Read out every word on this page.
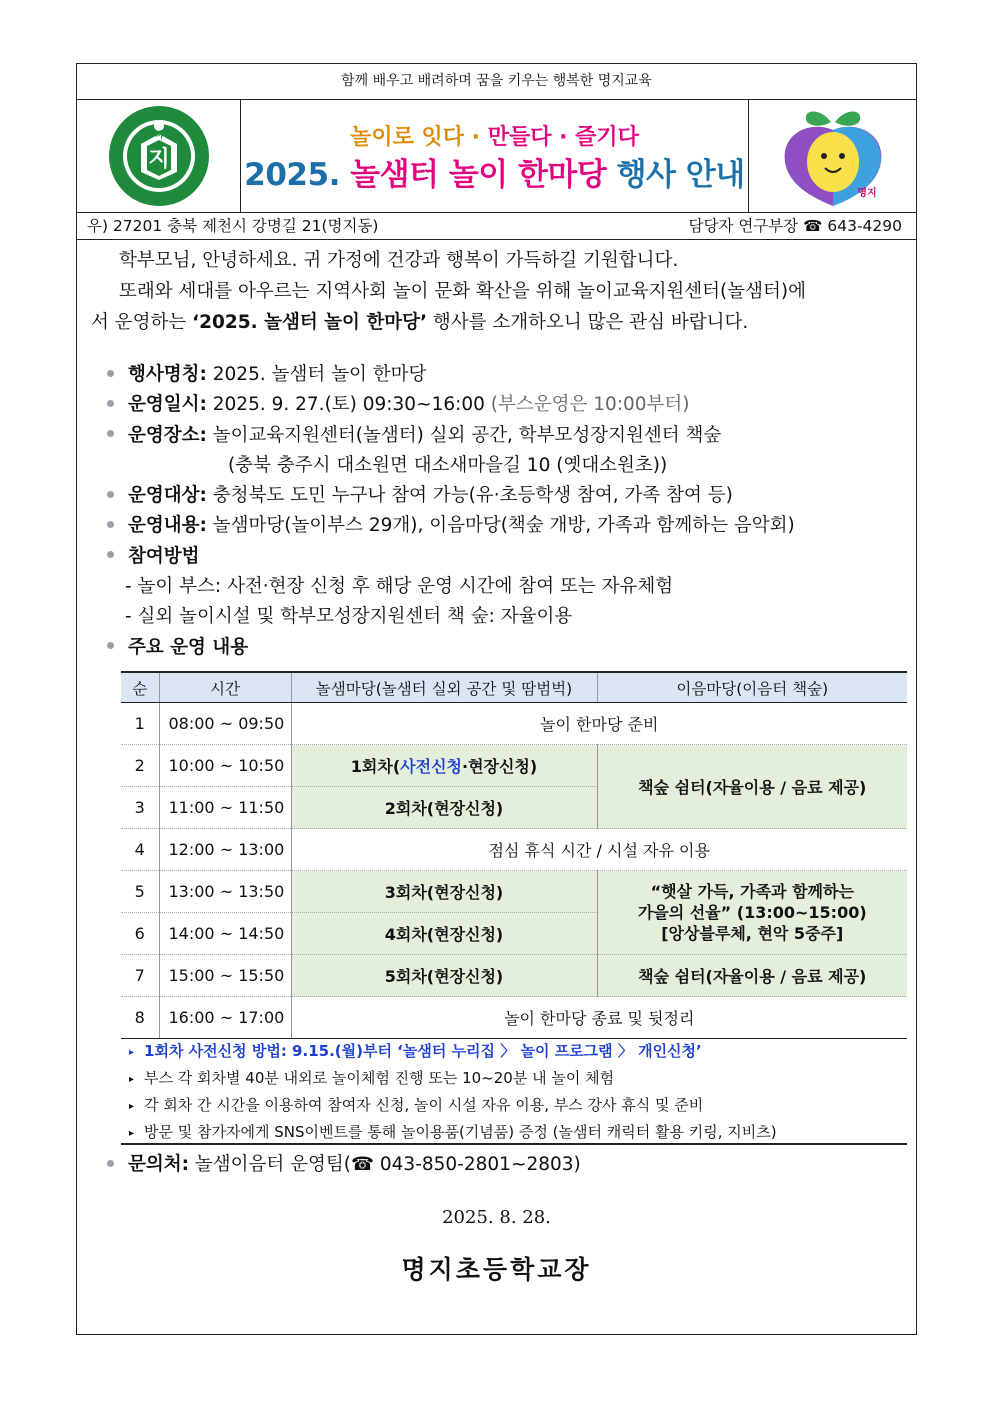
함께 배우고 배려하며 꿈을 키우는 행복한 명지교육
지
머	놀이로 잇다 · 만들다 · 즐기다
2025. 놀샘터 놀이 한마당 행사 안내
명지
우) 27201 충북 제천시 강명길 21(명지동)	담당자 연구부장 ☎ 643-4290
학부모님, 안녕하세요. 귀 가정에 건강과 행복이 가득하길 기원합니다.
또래와 세대를 아우르는 지역사회 놀이 문화 확산을 위해 놀이교육지원센터(놀샘터)에
서 운영하는 ‘2025. 놀샘터 놀이 한마당’ 행사를 소개하오니 많은 관심 바랍니다.
행사명칭: 2025. 놀샘터 놀이 한마당
운영일시: 2025. 9. 27.(토) 09:30~16:00 (부스운영은 10:00부터)
운영장소: 놀이교육지원센터(놀샘터) 실외 공간, 학부모성장지원센터 책숲
(충북 충주시 대소원면 대소새마을길 10 (옛대소원초))
운영대상: 충청북도 도민 누구나 참여 가능(유·초등학생 참여, 가족 참여 등)
운영내용: 놀샘마당(놀이부스 29개), 이음마당(책숲 개방, 가족과 함께하는 음악회)
참여방법
- 놀이 부스: 사전·현장 신청 후 해당 운영 시간에 참여 또는 자유체험
- 실외 놀이시설 및 학부모성장지원센터 책 숲: 자율이용
주요 운영 내용
순	시간	놀샘마당(놀샘터 실외 공간 및 땀범벅)	이음마당(이음터 책숲)
1	08:00 ~ 09:50	놀이 한마당 준비	
2	10:00 ~ 10:50	1회차(사전신청·현장신청)	책숲 쉼터(자율이용 / 음료 제공)
3	11:00 ~ 11:50	2회차(현장신청)	
4	12:00 ~ 13:00	점심 휴식 시간 / 시설 자유 이용	
5	13:00 ~ 13:50	3회차(현장신청)	“햇살 가득, 가족과 함께하는
가을의 선율” (13:00~15:00)
[앙상블루체, 현악 5중주]

6	14:00 ~ 14:50	4회차(현장신청)	
7	15:00 ~ 15:50	5회차(현장신청)	책숲 쉼터(자율이용 / 음료 제공)
8	16:00 ~ 17:00	놀이 한마당 종료 및 뒷정리	
▸ 1회차 사전신청 방법: 9.15.(월)부터 ‘놀샘터 누리집 〉 놀이 프로그램 〉 개인신청’
▸ 부스 각 회차별 40분 내외로 놀이체험 진행 또는 10~20분 내 놀이 체험
▸ 각 회차 간 시간을 이용하여 참여자 신청, 놀이 시설 자유 이용, 부스 강사 휴식 및 준비
▸ 방문 및 참가자에게 SNS이벤트를 통해 놀이용품(기념품) 증정 (놀샘터 캐릭터 활용 키링, 지비츠)
문의처: 놀샘이음터 운영팀(☎ 043-850-2801~2803)
2025. 8. 28.
명지초등학교장
